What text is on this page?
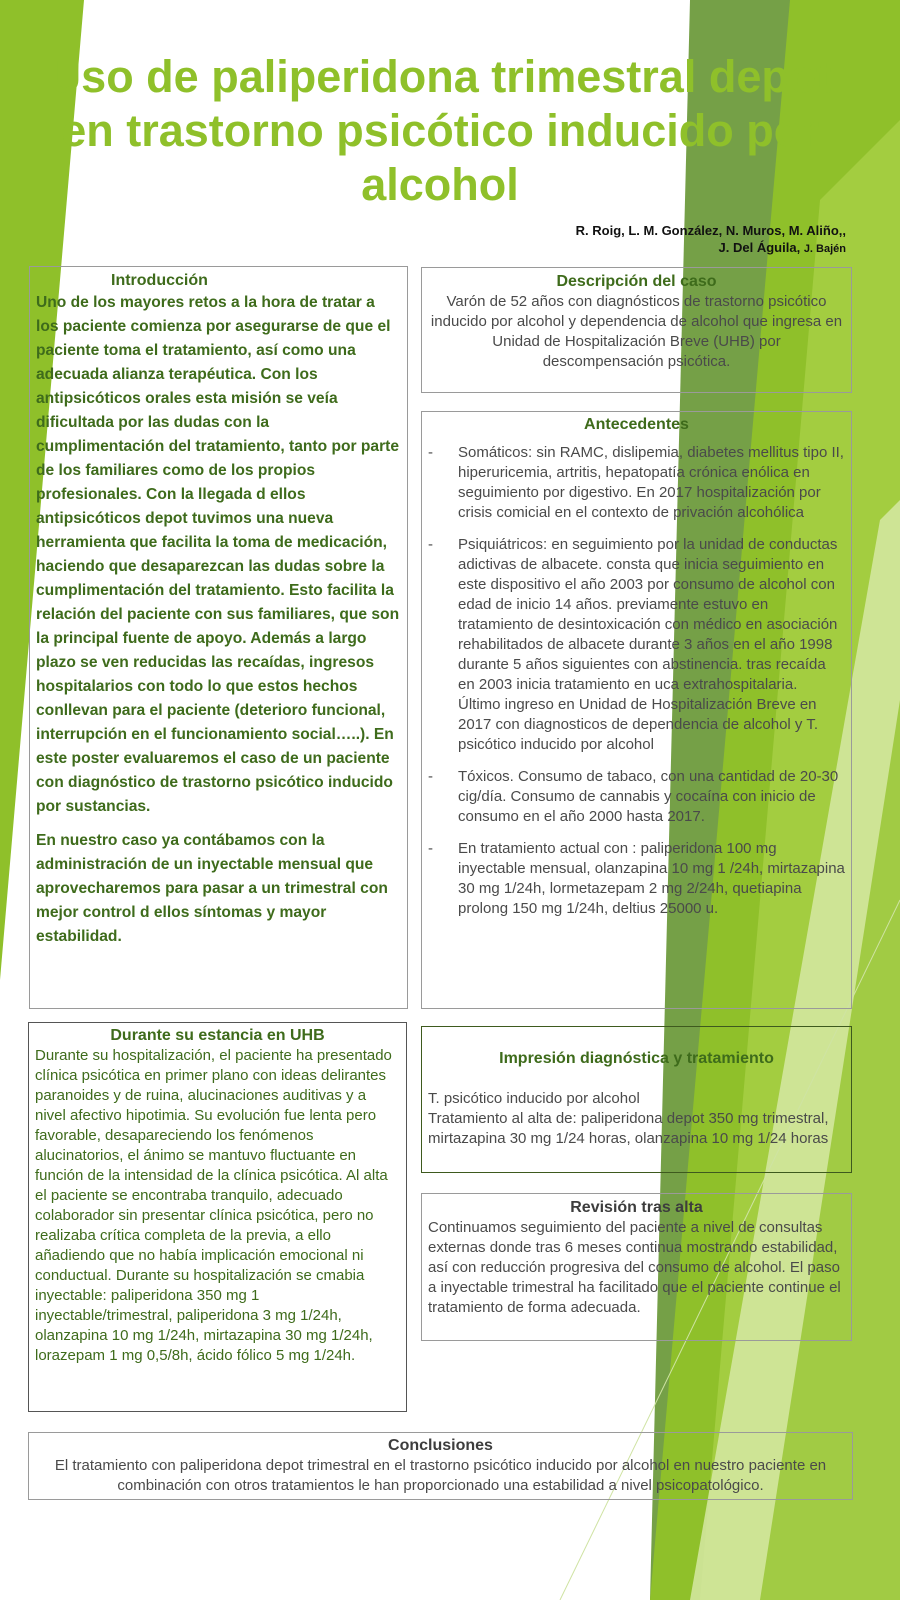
Uso de paliperidona trimestral depot en trastorno psicótico inducido por alcohol
R. Roig, L. M. González, N. Muros, M. Aliño,,
J. Del Águila, J. Bajén
Introducción

Uno de los mayores retos a la hora de tratar a los paciente comienza por asegurarse de que el paciente toma el tratamiento, así como una adecuada alianza terapéutica. Con los antipsicóticos orales esta misión se veía dificultada por las dudas con la cumplimentación del tratamiento, tanto por parte de los familiares como de los propios profesionales. Con la llegada d ellos antipsicóticos depot tuvimos una nueva herramienta que facilita la toma de medicación, haciendo que desaparezcan las dudas sobre la cumplimentación del tratamiento. Esto facilita la relación del paciente con sus familiares, que son la principal fuente de apoyo. Además a largo plazo se ven reducidas las recaídas, ingresos hospitalarios con todo lo que estos hechos conllevan para el paciente (deterioro funcional, interrupción en el funcionamiento social…..). En este poster evaluaremos el caso de un paciente con diagnóstico de trastorno psicótico inducido por sustancias.

En nuestro caso ya contábamos con la administración de un inyectable mensual que aprovecharemos para pasar a un trimestral con mejor control d ellos síntomas y mayor estabilidad.

Descripción del caso
Varón de 52 años con diagnósticos de trastorno psicótico inducido por alcohol y dependencia de alcohol que ingresa en Unidad de Hospitalización Breve (UHB) por descompensación psicótica.
Antecedentes
- Somáticos: sin RAMC, dislipemia, diabetes mellitus tipo II, hiperuricemia, artritis, hepatopatía crónica enólica en seguimiento por digestivo. En 2017 hospitalización por crisis comicial en el contexto de privación alcohólica
- Psiquiátricos: en seguimiento por la unidad de conductas adictivas de albacete. consta que inicia seguimiento en este dispositivo el año 2003 por consumo de alcohol con edad de inicio 14 años. previamente estuvo en tratamiento de desintoxicación con médico en asociación rehabilitados de albacete durante 3 años en el año 1998 durante 5 años siguientes con abstinencia. tras recaída en 2003 inicia tratamiento en uca extrahospitalaria.
Último ingreso en Unidad de Hospitalización Breve en 2017 con diagnosticos de dependencia de alcohol y T. psicótico inducido por alcohol
- Tóxicos. Consumo de tabaco, con una cantidad de 20-30 cig/día. Consumo de cannabis y cocaína con inicio de consumo en el año 2000 hasta 2017.
- En tratamiento actual con : paliperidona 100 mg inyectable mensual, olanzapina 10 mg 1 /24h, mirtazapina 30 mg 1/24h, lormetazepam 2 mg 2/24h, quetiapina prolong 150 mg 1/24h, deltius 25000 u.
Durante su estancia en UHB
Durante su hospitalización, el paciente ha presentado clínica psicótica en primer plano con ideas delirantes paranoides y de ruina, alucinaciones auditivas y a nivel afectivo hipotimia. Su evolución fue lenta pero favorable, desapareciendo los fenómenos alucinatorios, el ánimo se mantuvo fluctuante en función de la intensidad de la clínica psicótica. Al alta el paciente se encontraba tranquilo, adecuado colaborador sin presentar clínica psicótica, pero no realizaba crítica completa de la previa, a ello añadiendo que no había implicación emocional ni conductual. Durante su hospitalización se cmabia inyectable: paliperidona 350 mg 1 inyectable/trimestral, paliperidona 3 mg 1/24h, olanzapina 10 mg 1/24h, mirtazapina 30 mg 1/24h, lorazepam 1 mg 0,5/8h, ácido fólico 5 mg 1/24h.
Impresión diagnóstica y tratamiento
T. psicótico inducido por alcohol
Tratamiento al alta de: paliperidona depot 350 mg trimestral, mirtazapina 30 mg 1/24 horas, olanzapina 10 mg 1/24 horas
Revisión tras alta
Continuamos seguimiento del paciente a nivel de consultas externas donde tras 6 meses continua mostrando estabilidad, así con reducción progresiva del consumo de alcohol. El paso a inyectable trimestral ha facilitado que el paciente continue el tratamiento de forma adecuada.
Conclusiones
El tratamiento con paliperidona depot trimestral en el trastorno psicótico inducido por alcohol en nuestro paciente en combinación con otros tratamientos le han proporcionado una estabilidad a nivel psicopatológico.
